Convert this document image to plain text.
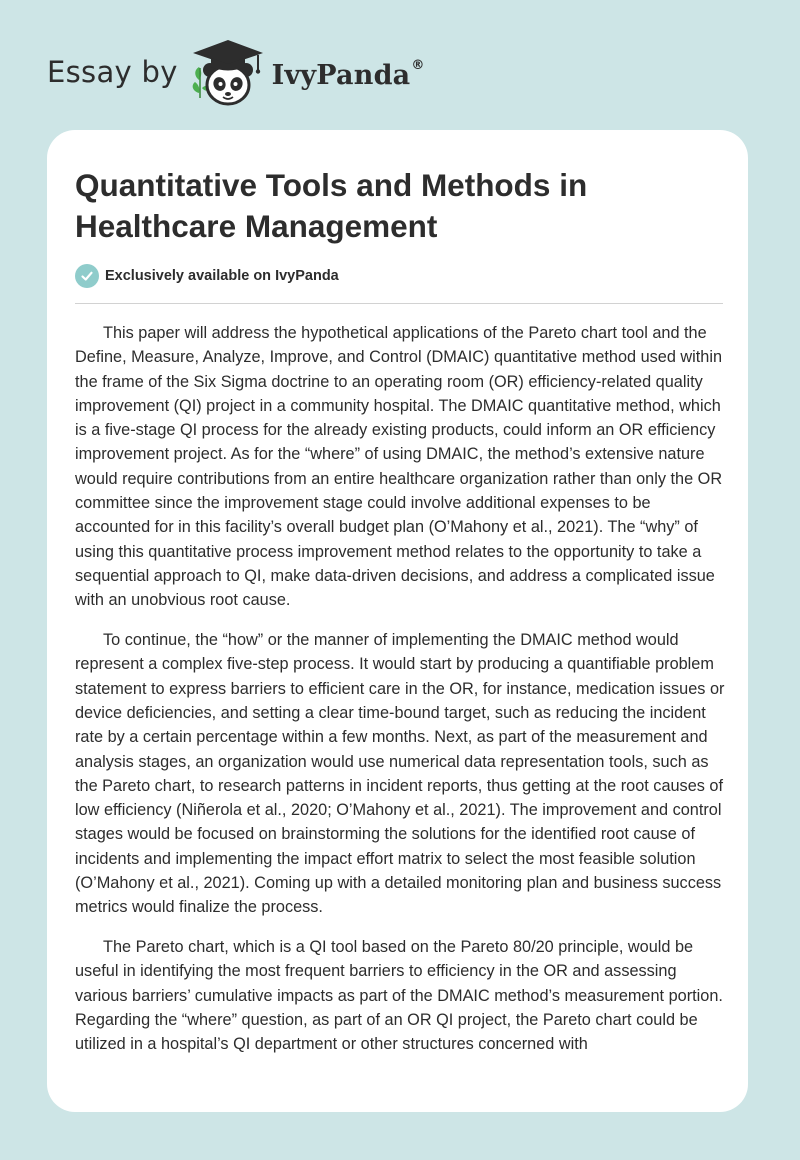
Essay by	IvyPanda®
Quantitative Tools and Methods in Healthcare Management
Exclusively available on IvyPanda

This paper will address the hypothetical applications of the Pareto chart tool and the Define, Measure, Analyze, Improve, and Control (DMAIC) quantitative method used within the frame of the Six Sigma doctrine to an operating room (OR) efficiency-related quality improvement (QI) project in a community hospital. The DMAIC quantitative method, which is a five-stage QI process for the already existing products, could inform an OR efficiency improvement project. As for the “where” of using DMAIC, the method’s extensive nature would require contributions from an entire healthcare organization rather than only the OR committee since the improvement stage could involve additional expenses to be accounted for in this facility’s overall budget plan (O’Mahony et al., 2021). The “why” of using this quantitative process improvement method relates to the opportunity to take a sequential approach to QI, make data-driven decisions, and address a complicated issue with an unobvious root cause.

To continue, the “how” or the manner of implementing the DMAIC method would represent a complex five-step process. It would start by producing a quantifiable problem statement to express barriers to efficient care in the OR, for instance, medication issues or device deficiencies, and setting a clear time-bound target, such as reducing the incident rate by a certain percentage within a few months. Next, as part of the measurement and analysis stages, an organization would use numerical data representation tools, such as the Pareto chart, to research patterns in incident reports, thus getting at the root causes of low efficiency (Niñerola et al., 2020; O’Mahony et al., 2021). The improvement and control stages would be focused on brainstorming the solutions for the identified root cause of incidents and implementing the impact effort matrix to select the most feasible solution (O’Mahony et al., 2021). Coming up with a detailed monitoring plan and business success metrics would finalize the process.

The Pareto chart, which is a QI tool based on the Pareto 80/20 principle, would be useful in identifying the most frequent barriers to efficiency in the OR and assessing various barriers’ cumulative impacts as part of the DMAIC method’s measurement portion. Regarding the “where” question, as part of an OR QI project, the Pareto chart could be utilized in a hospital’s QI department or other structures concerned with
